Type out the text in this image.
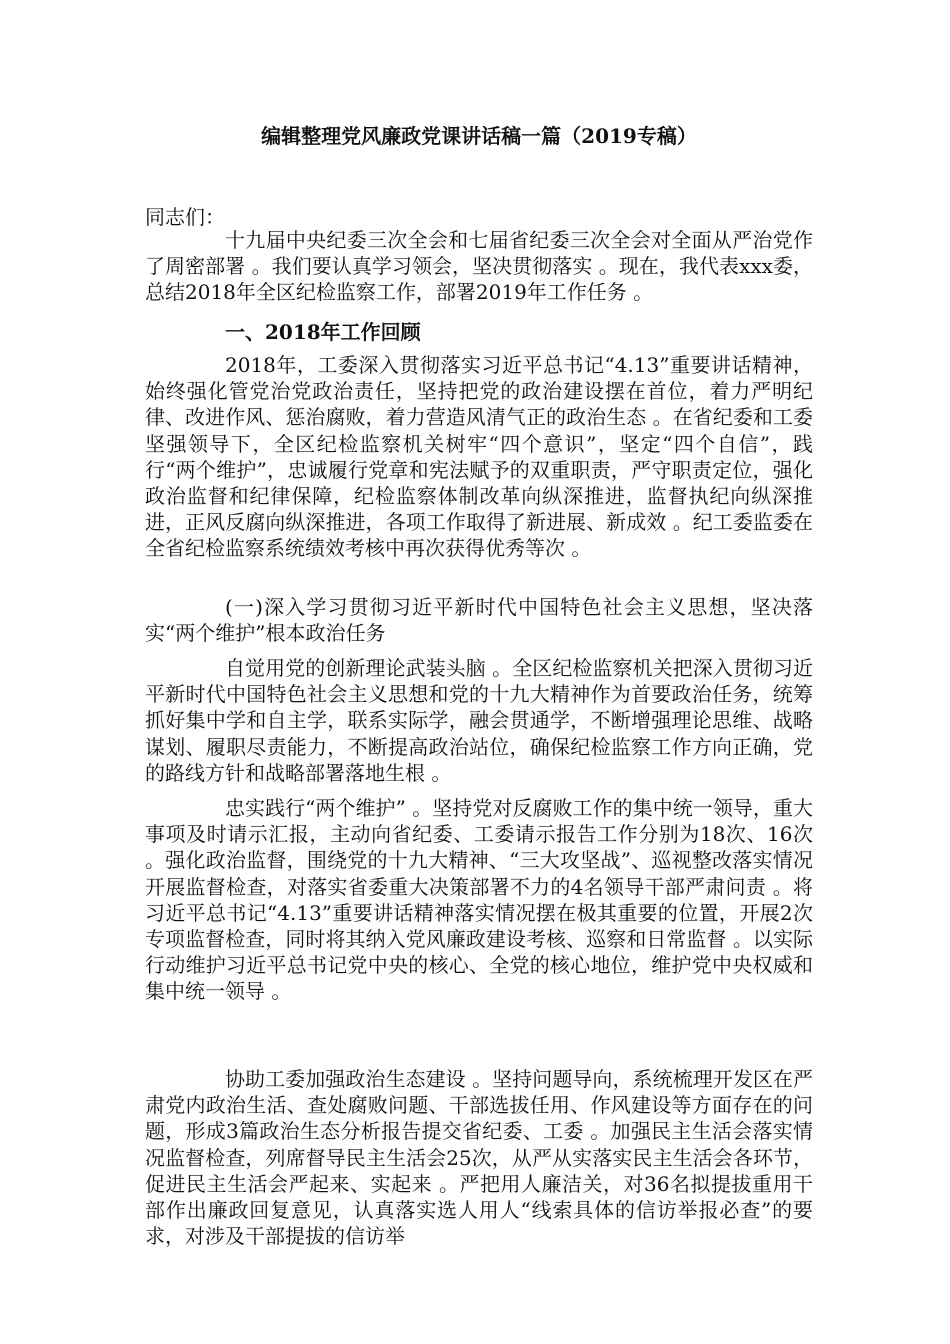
编辑整理党风廉政党课讲话稿一篇（2019专稿）
同志们：

十九届中央纪委三次全会和七届省纪委三次全会对全面从严治党作了周密部署 。我们要认真学习领会，坚决贯彻落实 。现在，我代表xxx委，总结2018年全区纪检监察工作，部署2019年工作任务 。

一、2018年工作回顾

2018年，工委深入贯彻落实习近平总书记“4.13”重要讲话精神，始终强化管党治党政治责任，坚持把党的政治建设摆在首位，着力严明纪律、改进作风、惩治腐败，着力营造风清气正的政治生态 。在省纪委和工委坚强领导下，全区纪检监察机关树牢“四个意识”，坚定“四个自信”，践行“两个维护”，忠诚履行党章和宪法赋予的双重职责，严守职责定位，强化政治监督和纪律保障，纪检监察体制改革向纵深推进，监督执纪向纵深推进，正风反腐向纵深推进，各项工作取得了新进展、新成效 。纪工委监委在全省纪检监察系统绩效考核中再次获得优秀等次 。

(一)深入学习贯彻习近平新时代中国特色社会主义思想，坚决落实“两个维护”根本政治任务

自觉用党的创新理论武装头脑 。全区纪检监察机关把深入贯彻习近平新时代中国特色社会主义思想和党的十九大精神作为首要政治任务，统筹抓好集中学和自主学，联系实际学，融会贯通学，不断增强理论思维、战略谋划、履职尽责能力，不断提高政治站位，确保纪检监察工作方向正确，党的路线方针和战略部署落地生根 。

忠实践行“两个维护” 。坚持党对反腐败工作的集中统一领导，重大事项及时请示汇报，主动向省纪委、工委请示报告工作分别为18次、16次 。强化政治监督，围绕党的十九大精神、“三大攻坚战”、巡视整改落实情况开展监督检查，对落实省委重大决策部署不力的4名领导干部严肃问责 。将习近平总书记“4.13”重要讲话精神落实情况摆在极其重要的位置，开展2次专项监督检查，同时将其纳入党风廉政建设考核、巡察和日常监督 。以实际行动维护习近平总书记党中央的核心、全党的核心地位，维护党中央权威和集中统一领导 。

协助工委加强政治生态建设 。坚持问题导向，系统梳理开发区在严肃党内政治生活、查处腐败问题、干部选拔任用、作风建设等方面存在的问题，形成3篇政治生态分析报告提交省纪委、工委 。加强民主生活会落实情况监督检查，列席督导民主生活会25次，从严从实落实民主生活会各环节，促进民主生活会严起来、实起来 。严把用人廉洁关，对36名拟提拔重用干部作出廉政回复意见，认真落实选人用人“线索具体的信访举报必查”的要求，对涉及干部提拔的信访举
